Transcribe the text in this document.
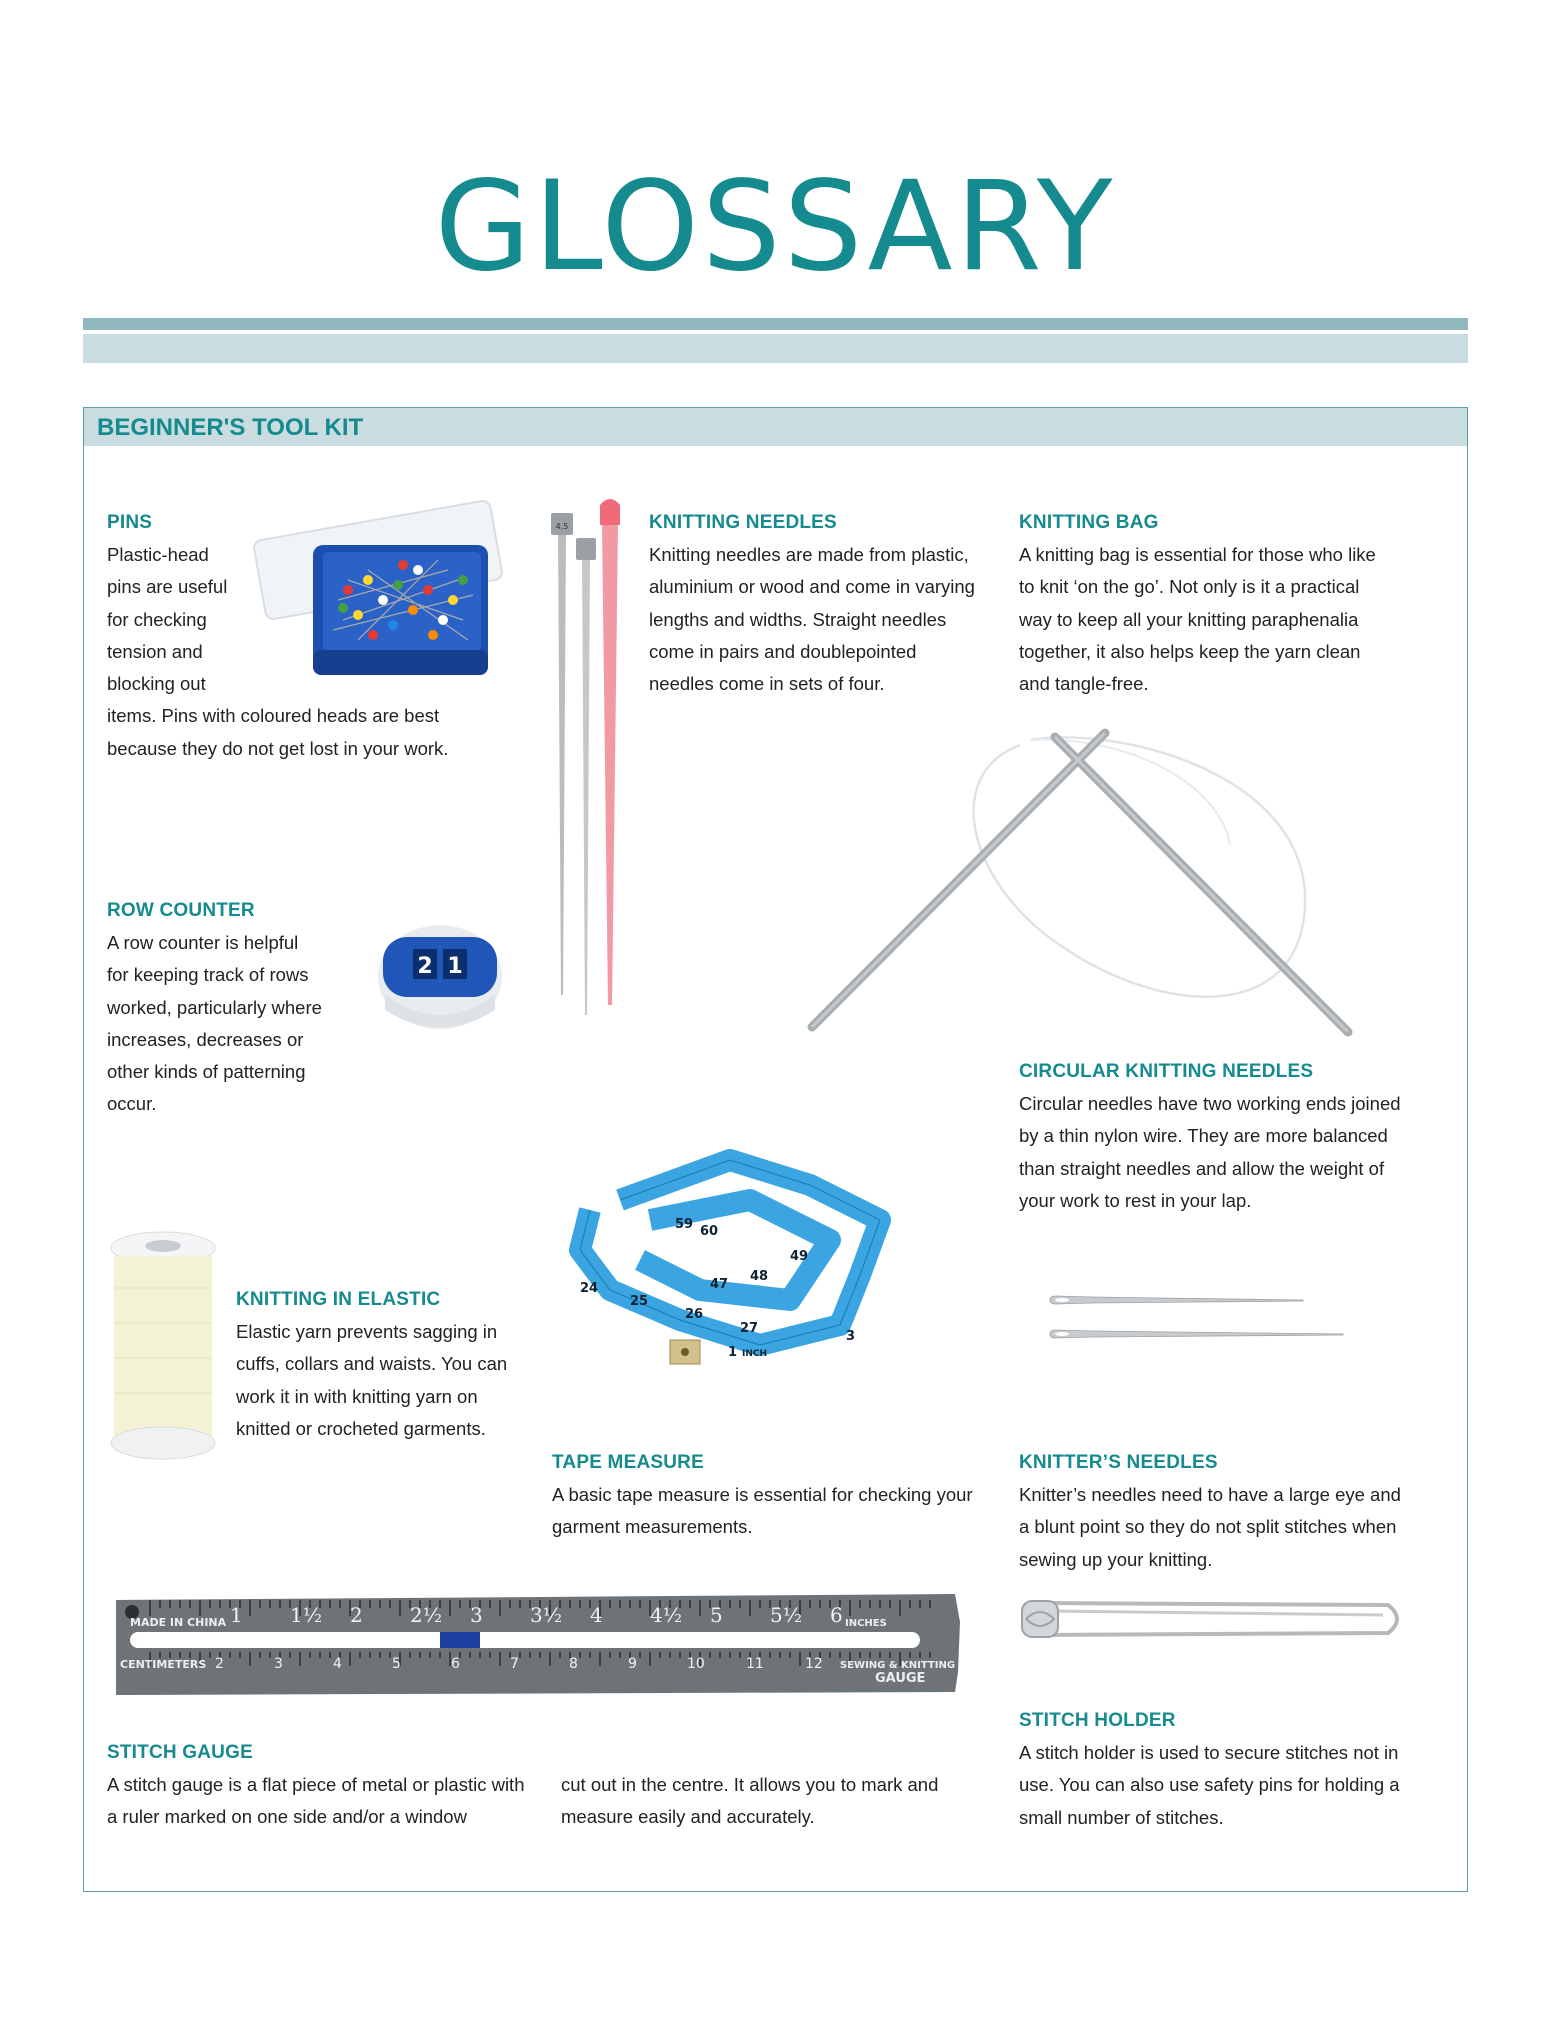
GLOSSARY
BEGINNER'S TOOL KIT
PINS
Plastic-head
pins are useful
for checking
tension and
blocking out
items. Pins with coloured heads are best
because they do not get lost in your work.
4.5	KNITTING NEEDLES
Knitting needles are made from plastic,
aluminium or wood and come in varying
lengths and widths. Straight needles
come in pairs and doublepointed
needles come in sets of four.
KNITTING BAG
A knitting bag is essential for those who like
to knit ‘on the go’. Not only is it a practical
way to keep all your knitting paraphenalia
together, it also helps keep the yarn clean
and tangle-free.
ROW COUNTER
A row counter is helpful
for keeping track of rows
worked, particularly where
increases, decreases or
other kinds of patterning
occur.
2 1
CIRCULAR KNITTING NEEDLES
Circular needles have two working ends joined
by a thin nylon wire. They are more balanced
than straight needles and allow the weight of
your work to rest in your lap.
59 60
24
25
26
27
47
48
49
1 INCH
3
KNITTING IN ELASTIC
Elastic yarn prevents sagging in
cuffs, collars and waists. You can
work it in with knitting yarn on
knitted or crocheted garments.
TAPE MEASURE
A basic tape measure is essential for checking your
garment measurements.
KNITTER’S NEEDLES
Knitter’s needles need to have a large eye and
a blunt point so they do not split stitches when
sewing up your knitting.
MADE IN CHINA
CENTIMETERS
INCHES
SEWING & KNITTING
GAUGE
1 1½ 2 2½ 3 3½ 4 4½ 5 5½ 6
2	3	4	5	6	7	8	9	10	11	12
STITCH HOLDER
A stitch holder is used to secure stitches not in
use. You can also use safety pins for holding a
small number of stitches.
STITCH GAUGE
A stitch gauge is a flat piece of metal or plastic with
a ruler marked on one side and/or a window
cut out in the centre. It allows you to mark and
measure easily and accurately.
